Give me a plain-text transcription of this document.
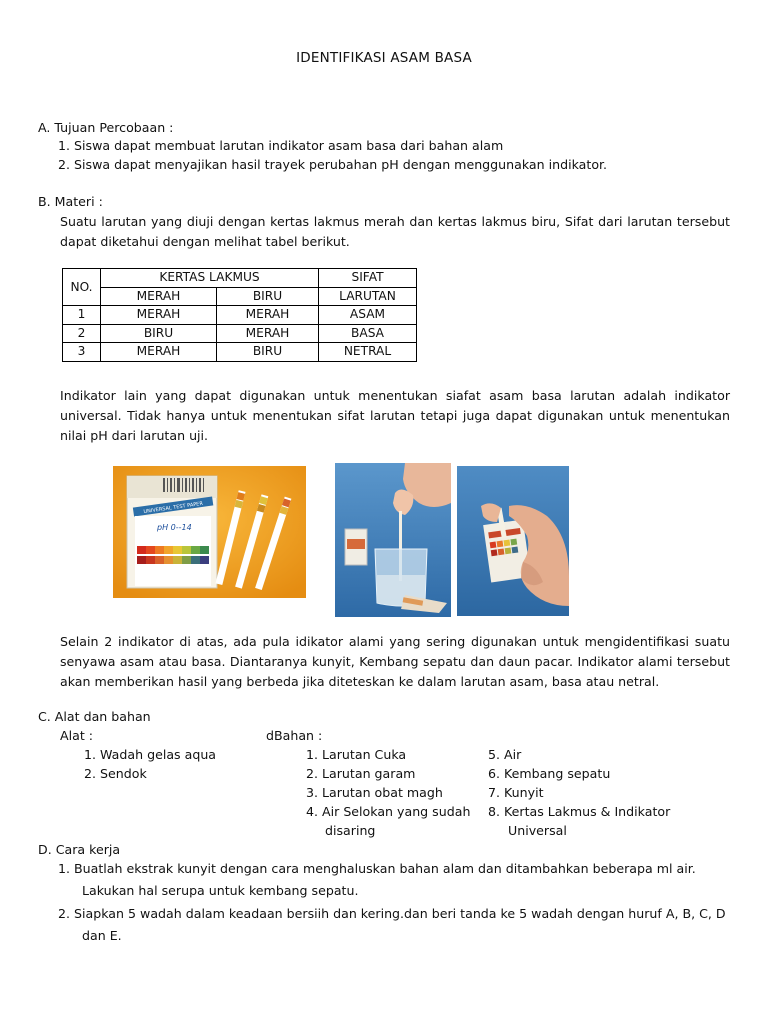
IDENTIFIKASI ASAM BASA
A. Tujuan Percobaan :
1. Siswa dapat membuat larutan indikator asam basa dari bahan alam
2. Siswa dapat menyajikan hasil trayek perubahan pH dengan menggunakan indikator.
B. Materi :
Suatu larutan yang diuji dengan kertas lakmus merah dan kertas lakmus biru, Sifat dari larutan tersebut dapat diketahui dengan melihat tabel berikut.
NO.	KERTAS LAKMUS		SIFAT
	MERAH	BIRU	LARUTAN
1	MERAH	MERAH	ASAM
2	BIRU	MERAH	BASA
3	MERAH	BIRU	NETRAL
Indikator lain yang dapat digunakan untuk menentukan siafat asam basa larutan adalah indikator universal. Tidak hanya untuk menentukan sifat larutan tetapi juga dapat digunakan untuk menentukan nilai pH dari larutan uji.
UNIVERSAL TEST PAPER
pH 0--14
Selain 2 indikator di atas, ada pula idikator alami yang sering digunakan untuk mengidentifikasi suatu senyawa asam atau basa. Diantaranya kunyit, Kembang sepatu dan daun pacar. Indikator alami tersebut akan memberikan hasil yang berbeda jika diteteskan ke dalam larutan asam, basa atau netral.
C. Alat dan bahan
Alat :	dBahan :
1. Wadah gelas aqua
2. Sendok
1. Larutan Cuka
2. Larutan garam
3. Larutan obat magh
4. Air Selokan yang sudah
disaring
5. Air
6. Kembang sepatu
7. Kunyit
8. Kertas Lakmus & Indikator
Universal
D. Cara kerja
1. Buatlah ekstrak kunyit dengan cara menghaluskan bahan alam dan ditambahkan beberapa ml air.
Lakukan hal serupa untuk kembang sepatu.
2. Siapkan 5 wadah dalam keadaan bersiih dan kering.dan beri tanda ke 5 wadah dengan huruf A, B, C, D
dan E.
